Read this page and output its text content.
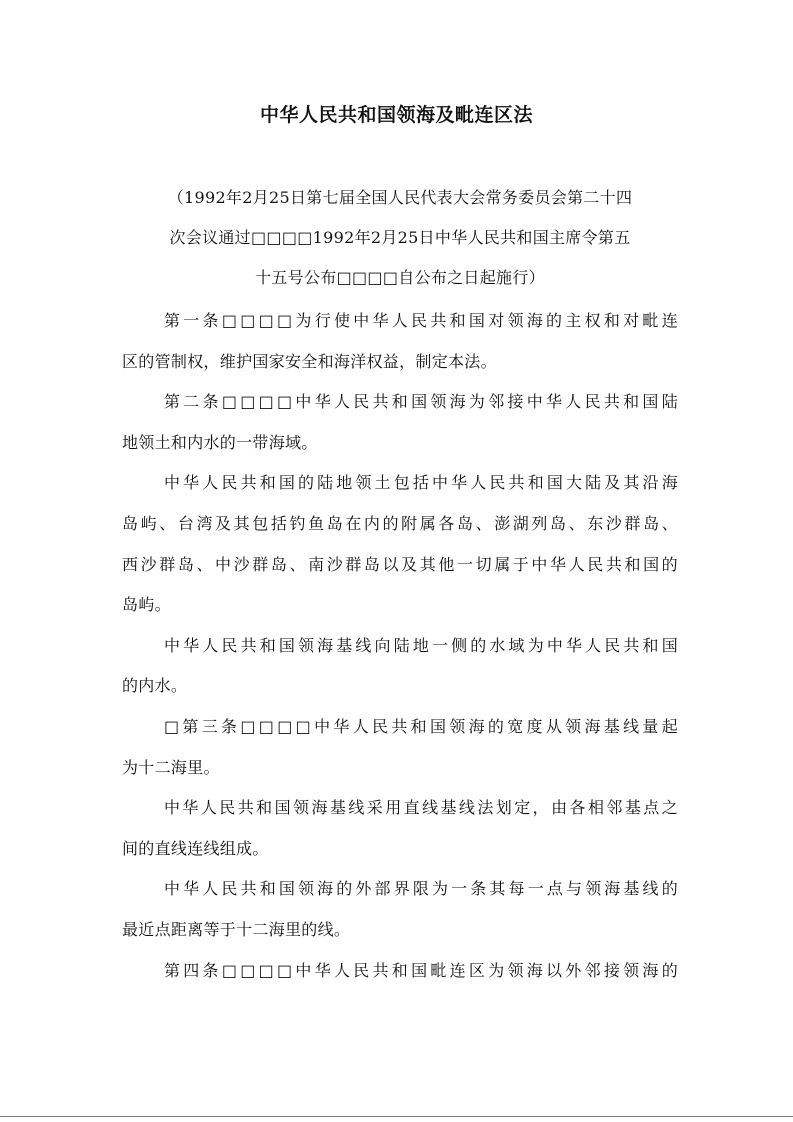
中华人民共和国领海及毗连区法
（1992年2月25日第七届全国人民代表大会常务委员会第二十四
次会议通过□□□□1992年2月25日中华人民共和国主席令第五
十五号公布□□□□自公布之日起施行）
第一条□□□□为行使中华人民共和国对领海的主权和对毗连
区的管制权，维护国家安全和海洋权益，制定本法。
第二条□□□□中华人民共和国领海为邻接中华人民共和国陆
地领土和内水的一带海域。
中华人民共和国的陆地领土包括中华人民共和国大陆及其沿海
岛屿、台湾及其包括钓鱼岛在内的附属各岛、澎湖列岛、东沙群岛、
西沙群岛、中沙群岛、南沙群岛以及其他一切属于中华人民共和国的
岛屿。
中华人民共和国领海基线向陆地一侧的水域为中华人民共和国
的内水。
□第三条□□□□中华人民共和国领海的宽度从领海基线量起
为十二海里。
中华人民共和国领海基线采用直线基线法划定，由各相邻基点之
间的直线连线组成。
中华人民共和国领海的外部界限为一条其每一点与领海基线的
最近点距离等于十二海里的线。
第四条□□□□中华人民共和国毗连区为领海以外邻接领海的
